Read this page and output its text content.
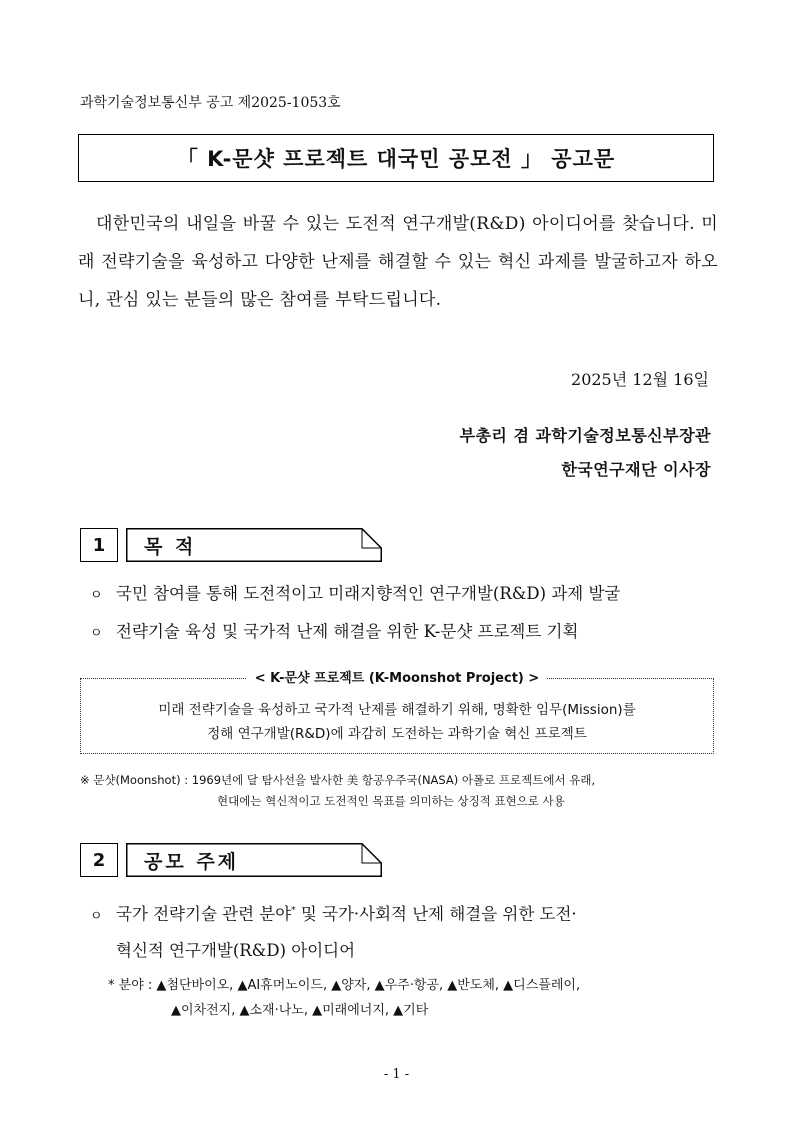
과학기술정보통신부 공고 제2025-1053호
「 K-문샷 프로젝트 대국민 공모전 」 공고문
대한민국의 내일을 바꿀 수 있는 도전적 연구개발(R&D) 아이디어를 찾습니다. 미래 전략기술을 육성하고 다양한 난제를 해결할 수 있는 혁신 과제를 발굴하고자 하오니, 관심 있는 분들의 많은 참여를 부탁드립니다.
2025년 12월 16일
부총리 겸 과학기술정보통신부장관
한국연구재단 이사장
1	목 적
ㅇ 국민 참여를 통해 도전적이고 미래지향적인 연구개발(R&D) 과제 발굴
ㅇ 전략기술 육성 및 국가적 난제 해결을 위한 K-문샷 프로젝트 기획
< K-문샷 프로젝트 (K-Moonshot Project) >
미래 전략기술을 육성하고 국가적 난제를 해결하기 위해, 명확한 임무(Mission)를
정해 연구개발(R&D)에 과감히 도전하는 과학기술 혁신 프로젝트
※ 문샷(Moonshot) : 1969년에 달 탐사선을 발사한 美 항공우주국(NASA) 아폴로 프로젝트에서 유래,
현대에는 혁신적이고 도전적인 목표를 의미하는 상징적 표현으로 사용
2	공모 주제
ㅇ 국가 전략기술 관련 분야* 및 국가·사회적 난제 해결을 위한 도전·
혁신적 연구개발(R&D) 아이디어
* 분야 : ▲첨단바이오, ▲AI휴머노이드, ▲양자, ▲우주·항공, ▲반도체, ▲디스플레이,
▲이차전지, ▲소재·나노, ▲미래에너지, ▲기타
- 1 -
